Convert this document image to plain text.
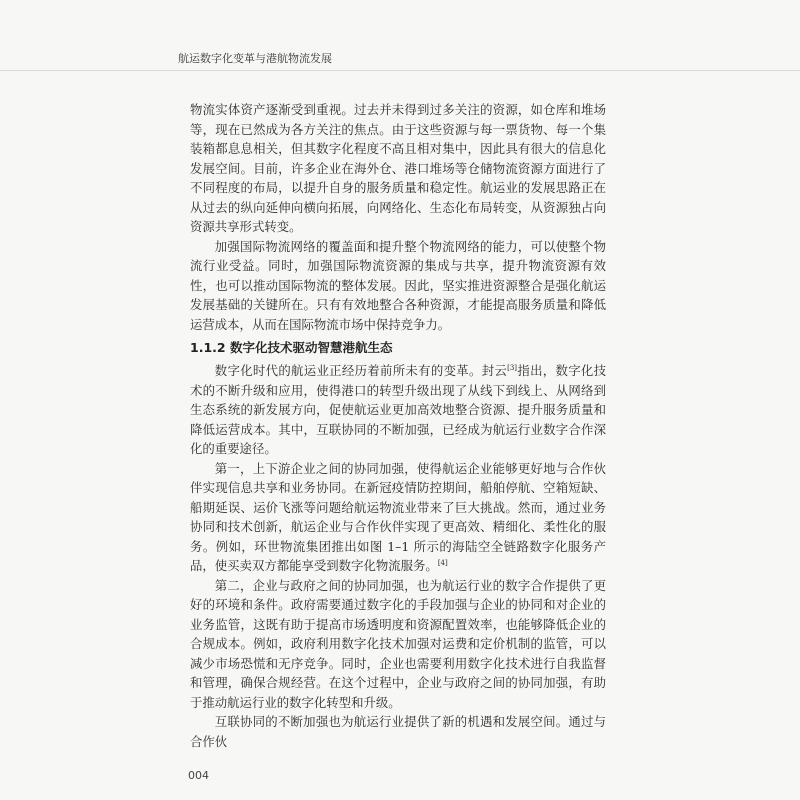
航运数字化变革与港航物流发展

物流实体资产逐渐受到重视。过去并未得到过多关注的资源，如仓库和堆场等，现在已然成为各方关注的焦点。由于这些资源与每一票货物、每一个集装箱都息息相关，但其数字化程度不高且相对集中，因此具有很大的信息化发展空间。目前，许多企业在海外仓、港口堆场等仓储物流资源方面进行了不同程度的布局，以提升自身的服务质量和稳定性。航运业的发展思路正在从过去的纵向延伸向横向拓展，向网络化、生态化布局转变，从资源独占向资源共享形式转变。

加强国际物流网络的覆盖面和提升整个物流网络的能力，可以使整个物流行业受益。同时，加强国际物流资源的集成与共享，提升物流资源有效性，也可以推动国际物流的整体发展。因此，坚实推进资源整合是强化航运发展基础的关键所在。只有有效地整合各种资源，才能提高服务质量和降低运营成本，从而在国际物流市场中保持竞争力。

1.1.2 数字化技术驱动智慧港航生态

数字化时代的航运业正经历着前所未有的变革。封云[3]指出，数字化技术的不断升级和应用，使得港口的转型升级出现了从线下到线上、从网络到生态系统的新发展方向，促使航运业更加高效地整合资源、提升服务质量和降低运营成本。其中，互联协同的不断加强，已经成为航运行业数字合作深化的重要途径。

第一，上下游企业之间的协同加强，使得航运企业能够更好地与合作伙伴实现信息共享和业务协同。在新冠疫情防控期间，船舶停航、空箱短缺、船期延误、运价飞涨等问题给航运物流业带来了巨大挑战。然而，通过业务协同和技术创新，航运企业与合作伙伴实现了更高效、精细化、柔性化的服务。例如，环世物流集团推出如图 1–1 所示的海陆空全链路数字化服务产品，使买卖双方都能享受到数字化物流服务。[4]

第二，企业与政府之间的协同加强，也为航运行业的数字合作提供了更好的环境和条件。政府需要通过数字化的手段加强与企业的协同和对企业的业务监管，这既有助于提高市场透明度和资源配置效率，也能够降低企业的合规成本。例如，政府利用数字化技术加强对运费和定价机制的监管，可以减少市场恐慌和无序竞争。同时，企业也需要利用数字化技术进行自我监督和管理，确保合规经营。在这个过程中，企业与政府之间的协同加强，有助于推动航运行业的数字化转型和升级。

互联协同的不断加强也为航运行业提供了新的机遇和发展空间。通过与合作伙

004
